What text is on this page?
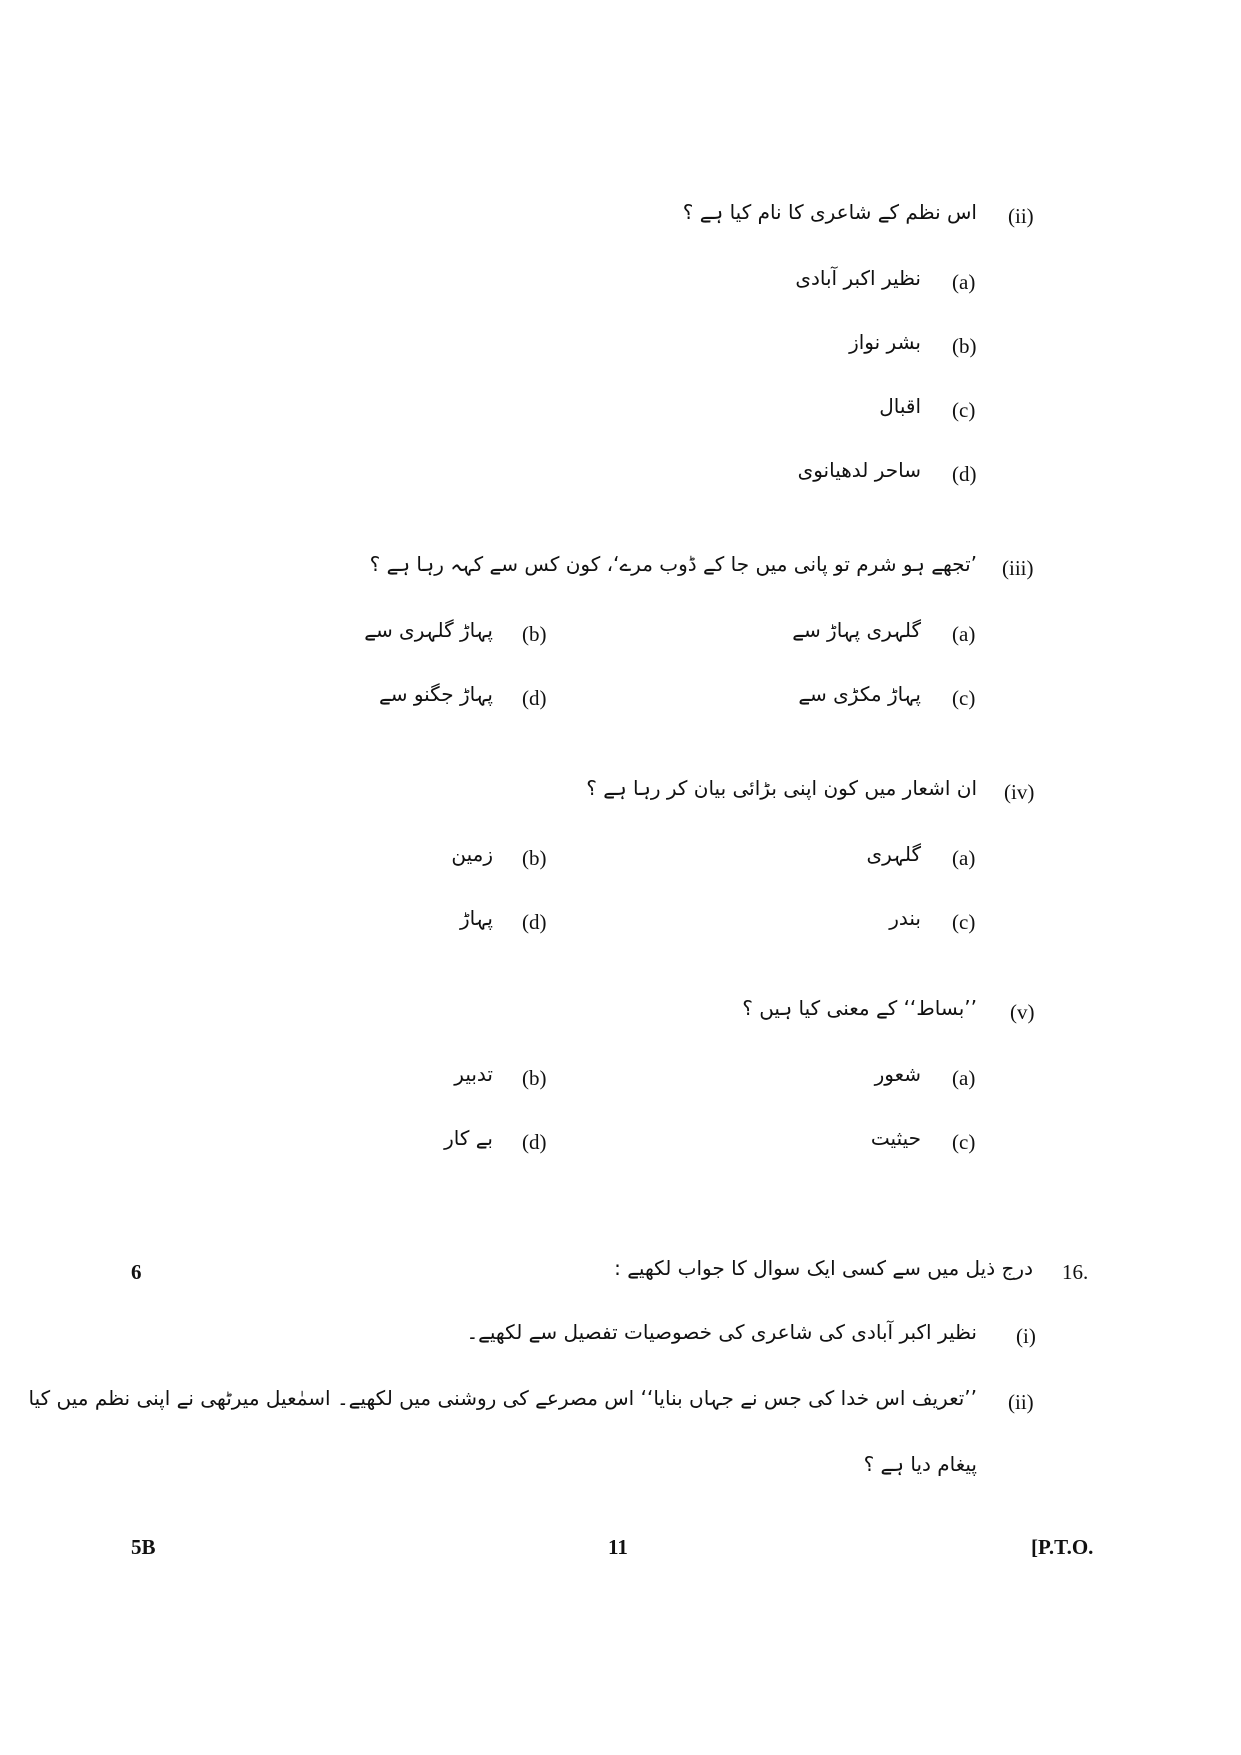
(ii)
اس نظم کے شاعری کا نام کیا ہے ؟
(a)
نظیر اکبر آبادی
(b)
بشر نواز
(c)
اقبال
(d)
ساحر لدھیانوی
(iii)
’تجھے ہو شرم تو پانی میں جا کے ڈوب مرے‘، کون کس سے کہہ رہا ہے ؟
(a)
گلہری پہاڑ سے
(b)
پہاڑ گلہری سے
(c)
پہاڑ مکڑی سے
(d)
پہاڑ جگنو سے
(iv)
ان اشعار میں کون اپنی بڑائی بیان کر رہا ہے ؟
(a)
گلہری
(b)
زمین
(c)
بندر
(d)
پہاڑ
(v)
’’بساط‘‘ کے معنی کیا ہیں ؟
(a)
شعور
(b)
تدبیر
(c)
حیثیت
(d)
بے کار
6	16.
درج ذیل میں سے کسی ایک سوال کا جواب لکھیے :
(i)
نظیر اکبر آبادی کی شاعری کی خصوصیات تفصیل سے لکھیے۔
(ii)
’’تعریف اس خدا کی جس نے جہاں بنایا‘‘ اس مصرعے کی روشنی میں لکھیے۔ اسمٰعیل میرٹھی نے اپنی نظم میں کیا
پیغام دیا ہے ؟
5B	11	[P.T.O.
